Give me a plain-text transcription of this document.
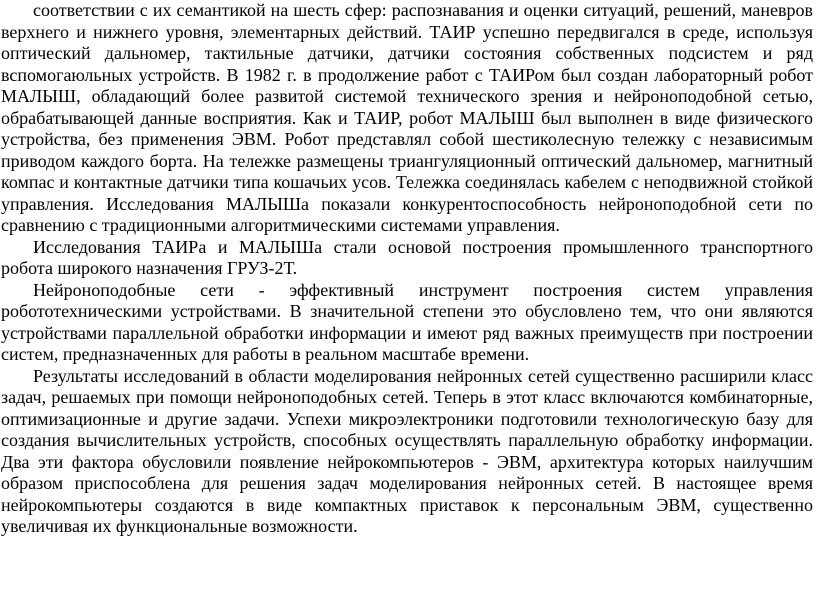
соответствии с их семантикой на шесть сфер: распознавания и оценки ситуаций, решений, маневров верхнего и нижнего уровня, элементарных действий. ТАИР успешно передвигался в среде, используя оптический дальномер, тактильные датчики, датчики состояния собственных подсистем и ряд вспомогаюльных устройств. В 1982 г. в продолжение работ с ТАИРом был создан лабораторный робот МАЛЫШ, обладающий более развитой системой технического зрения и нейроноподобной сетью, обрабатывающей данные восприятия. Как и ТАИР, робот МАЛЫШ был выполнен в виде физического устройства, без применения ЭВМ. Робот представлял собой шестиколесную тележку с независимым приводом каждого борта. На тележке размещены триангуляционный оптический дальномер, магнитный компас и контактные датчики типа кошачьих усов. Тележка соединялась кабелем с неподвижной стойкой управления. Исследования МАЛЫШа показали конкурентоспособность нейроноподобной сети по сравнению с традиционными алгоритмическими системами управления.

Исследования ТАИРа и МАЛЫШа стали основой построения промышленного транспортного робота широкого назначения ГРУЗ-2Т.

Нейроноподобные сети - эффективный инструмент построения систем управления робототехническими устройствами. В значительной степени это обусловлено тем, что они являются устройствами параллельной обработки информации и имеют ряд важных преимуществ при построении систем, предназначенных для работы в реальном масштабе времени.

Результаты исследований в области моделирования нейронных сетей существенно расширили класс задач, решаемых при помощи нейроноподобных сетей. Теперь в этот класс включаются комбинаторные, оптимизационные и другие задачи. Успехи микроэлектроники подготовили технологическую базу для создания вычислительных устройств, способных осуществлять параллельную обработку информации. Два эти фактора обусловили появление нейрокомпьютеров - ЭВМ, архитектура которых наилучшим образом приспособлена для решения задач моделирования нейронных сетей. В настоящее время нейрокомпьютеры создаются в виде компактных приставок к персональным ЭВМ, существенно увеличивая их функциональные возможности.
